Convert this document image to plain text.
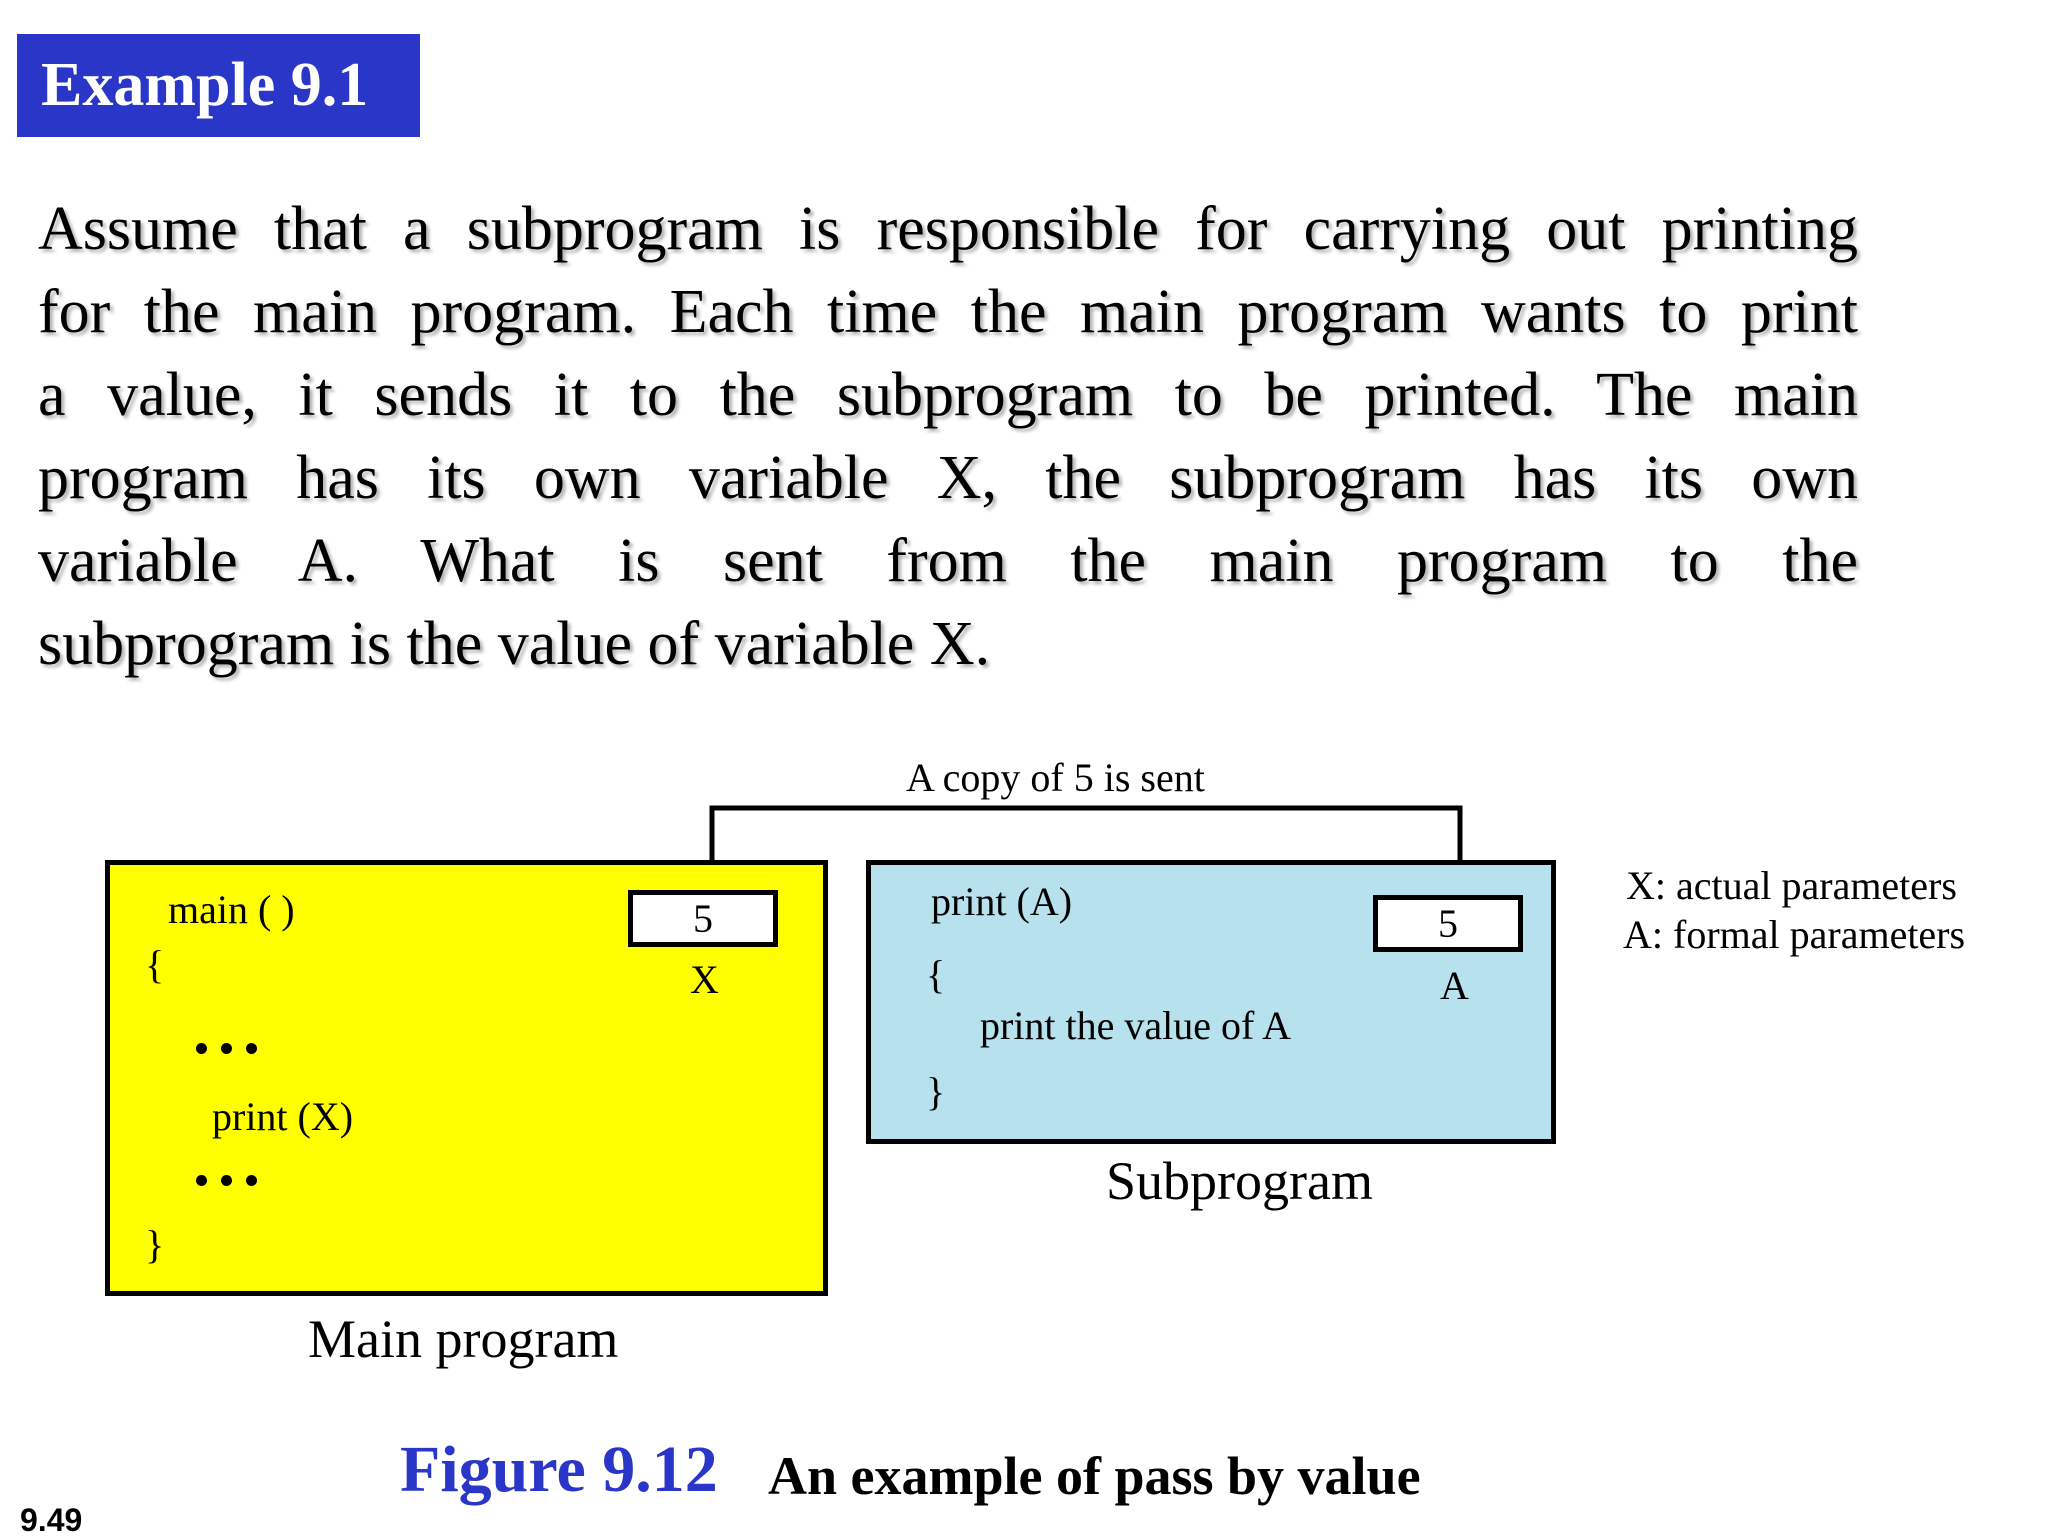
Example 9.1
Assume that a subprogram is responsible for carrying out printing
for the main program. Each time the main program wants to print
a value, it sends it to the subprogram to be printed. The main
program has its own variable X, the subprogram has its own
variable A. What is sent from the main program to the
subprogram is the value of variable X.
A copy of 5 is sent
main ( )
{
print (X)
}
5
X
Main program
print (A)
{
print the value of A
}
5
A
Subprogram
X: actual parameters
A: formal parameters
Figure 9.12 An example of pass by value
9.49
